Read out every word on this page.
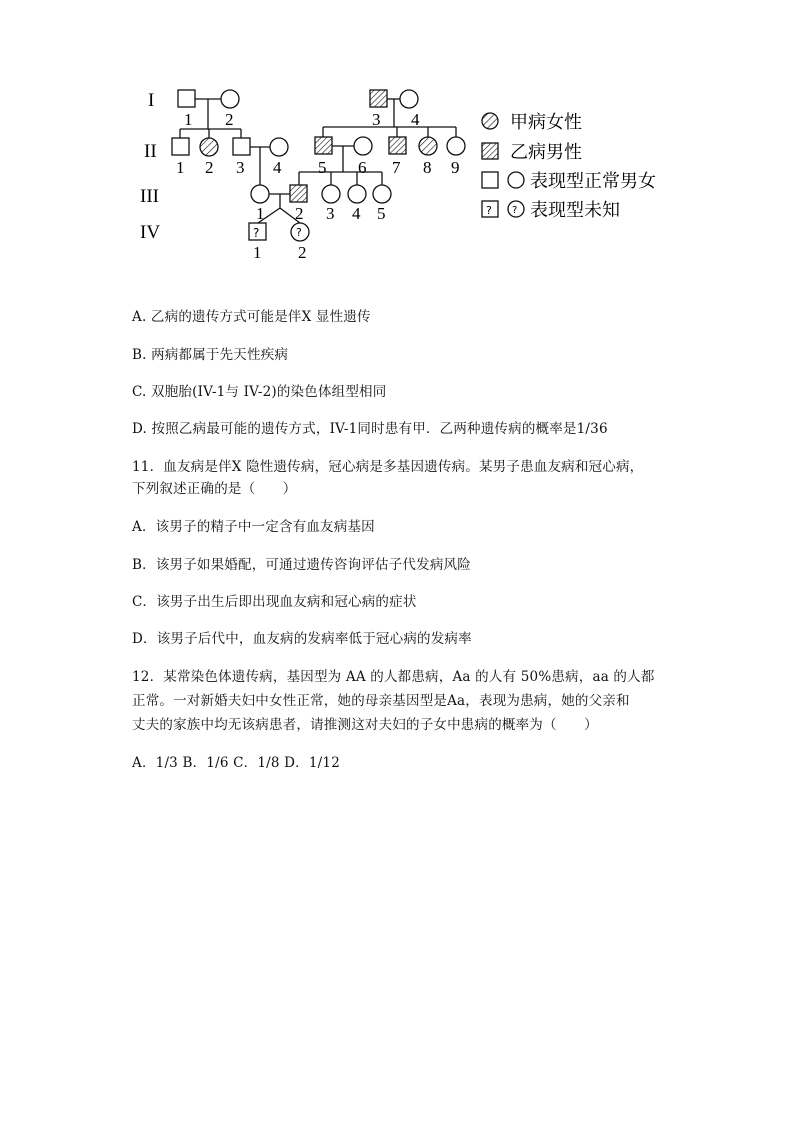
I
II
III
IV	?	?
1 2	3 4
1 2 3 4 5 6 7 8 9
1 2 3 4 5
1 2
? ?
甲病女性
乙病男性
表现型正常男女
表现型未知
A. 乙病的遗传方式可能是伴X 显性遗传
B. 两病都属于先天性疾病
C. 双胞胎(IV-1与 IV-2)的染色体组型相同
D. 按照乙病最可能的遗传方式，IV-1同时患有甲．乙两种遗传病的概率是1/36
11．血友病是伴X 隐性遗传病，冠心病是多基因遗传病。某男子患血友病和冠心病，
下列叙述正确的是（　　）
A．该男子的精子中一定含有血友病基因
B．该男子如果婚配，可通过遗传咨询评估子代发病风险
C．该男子出生后即出现血友病和冠心病的症状
D．该男子后代中，血友病的发病率低于冠心病的发病率
12．某常染色体遗传病，基因型为 AA 的人都患病，Aa 的人有 50%患病，aa 的人都
正常。一对新婚夫妇中女性正常，她的母亲基因型是Aa，表现为患病，她的父亲和
丈夫的家族中均无该病患者，请推测这对夫妇的子女中患病的概率为（　　）
A．1/3 B．1/6 C．1/8 D．1/12
